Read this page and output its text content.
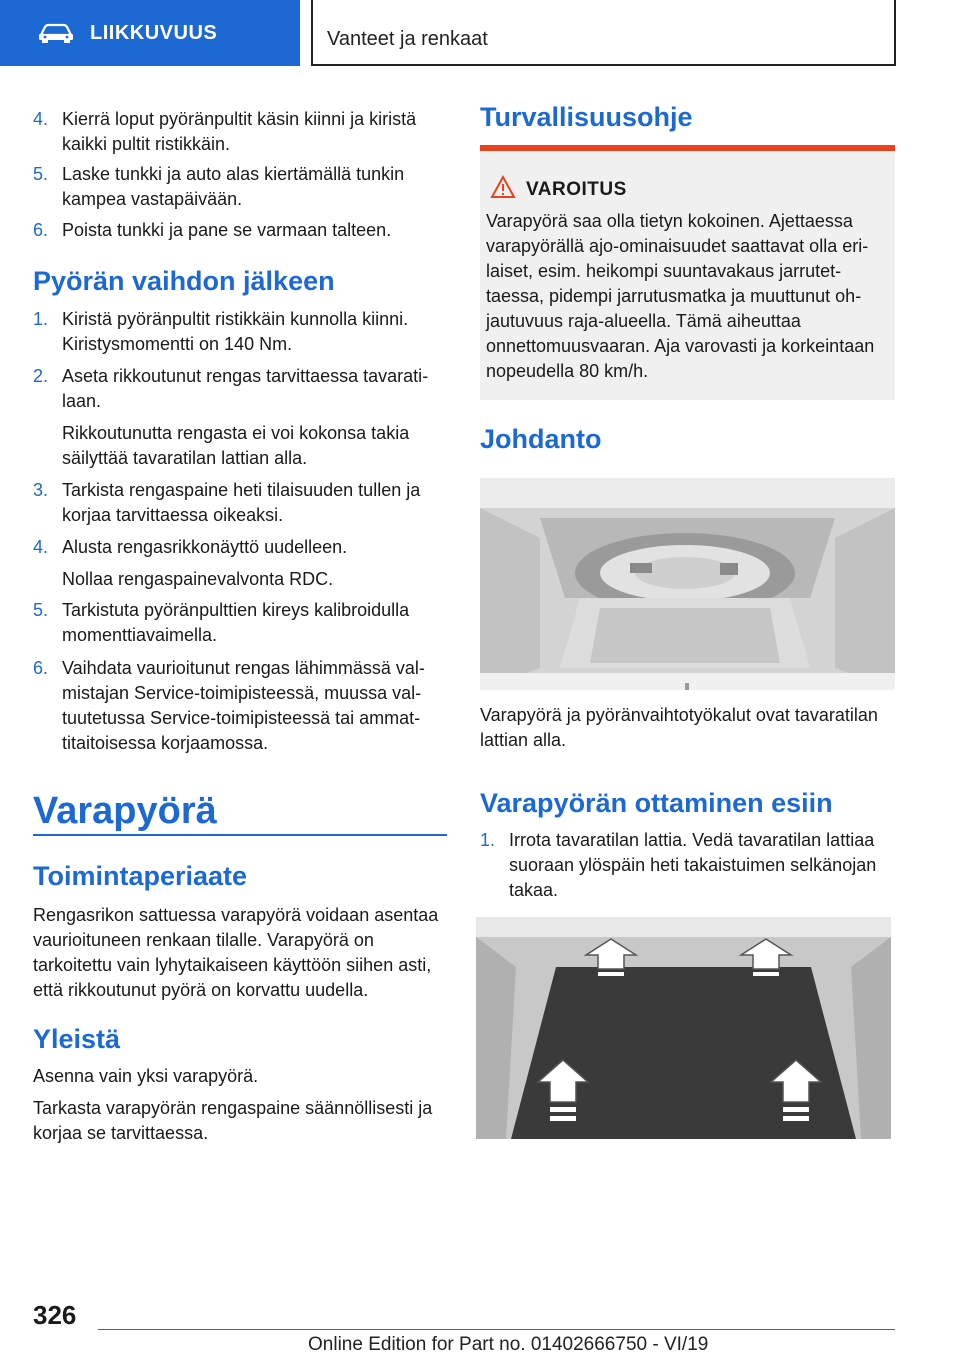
LIIKKUVUUS	Vanteet ja renkaat
4. Kierrä loput pyöränpultit käsin kiinni ja kiristä kaikki pultit ristikkäin.
5. Laske tunkki ja auto alas kiertämällä tunkin kampea vastapäivään.
6. Poista tunkki ja pane se varmaan talteen.
Pyörän vaihdon jälkeen
1. Kiristä pyöränpultit ristikkäin kunnolla kiinni. Kiristysmomentti on 140 Nm.
2. Aseta rikkoutunut rengas tarvittaessa tavaratilaan.
Rikkoutunutta rengasta ei voi kokonsa takia säilyttää tavaratilan lattian alla.
3. Tarkista rengaspaine heti tilaisuuden tullen ja korjaa tarvittaessa oikeaksi.
4. Alusta rengasrikkonäyttö uudelleen.
Nollaa rengaspainevalvonta RDC.
5. Tarkistuta pyöränpulttien kireys kalibroidulla momenttiavaimella.
6. Vaihdata vaurioitunut rengas lähimmässä valmistajan Service-toimipisteessä, muussa valtuutetussa Service-toimipisteessä tai ammattitaitoisessa korjaamossa.
Varapyörä
Toimintaperiaate
Rengasrikon sattuessa varapyörä voidaan asentaa vaurioituneen renkaan tilalle. Varapyörä on tarkoitettu vain lyhytaikaiseen käyttöön siihen asti, että rikkoutunut pyörä on korvattu uudella.
Yleistä
Asenna vain yksi varapyörä.
Tarkasta varapyörän rengaspaine säännöllisesti ja korjaa se tarvittaessa.
Turvallisuusohje
VAROITUS
Varapyörä saa olla tietyn kokoinen. Ajettaessa varapyörällä ajo-ominaisuudet saattavat olla erilaiset, esim. heikompi suuntavakaus jarrutettaessa, pidempi jarrutusmatka ja muuttunut ohjautuvuus raja-alueella. Tämä aiheuttaa onnettomuusvaaran. Aja varovasti ja korkeintaan nopeudella 80 km/h.
Johdanto
Varapyörä ja pyöränvaihtotyökalut ovat tavaratilan lattian alla.
Varapyörän ottaminen esiin
1. Irrota tavaratilan lattia. Vedä tavaratilan lattiaa suoraan ylöspäin heti takaistuimen selkänojan takaa.
326
Online Edition for Part no. 01402666750 - VI/19
